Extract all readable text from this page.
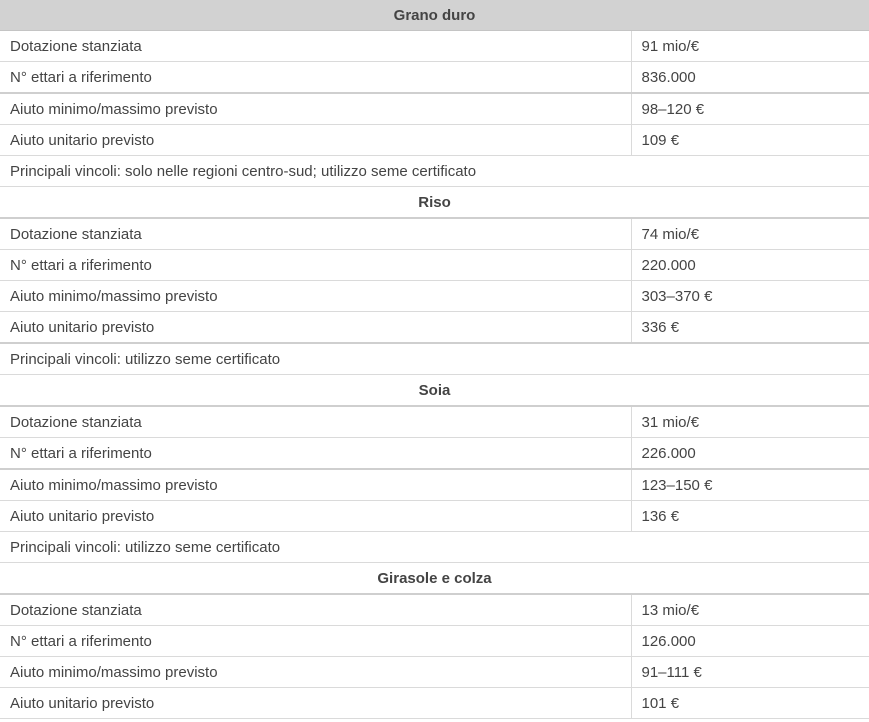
Grano duro	
Dotazione stanziata	91 mio/€
N° ettari a riferimento	836.000
Aiuto minimo/massimo previsto	98–120 €
Aiuto unitario previsto	109 €
Principali vincoli: solo nelle regioni centro-sud; utilizzo seme certificato	
Riso	
Dotazione stanziata	74 mio/€
N° ettari a riferimento	220.000
Aiuto minimo/massimo previsto	303–370 €
Aiuto unitario previsto	336 €
Principali vincoli: utilizzo seme certificato	
Soia	
Dotazione stanziata	31 mio/€
N° ettari a riferimento	226.000
Aiuto minimo/massimo previsto	123–150 €
Aiuto unitario previsto	136 €
Principali vincoli: utilizzo seme certificato	
Girasole e colza	
Dotazione stanziata	13 mio/€
N° ettari a riferimento	126.000
Aiuto minimo/massimo previsto	91–111 €
Aiuto unitario previsto	101 €
